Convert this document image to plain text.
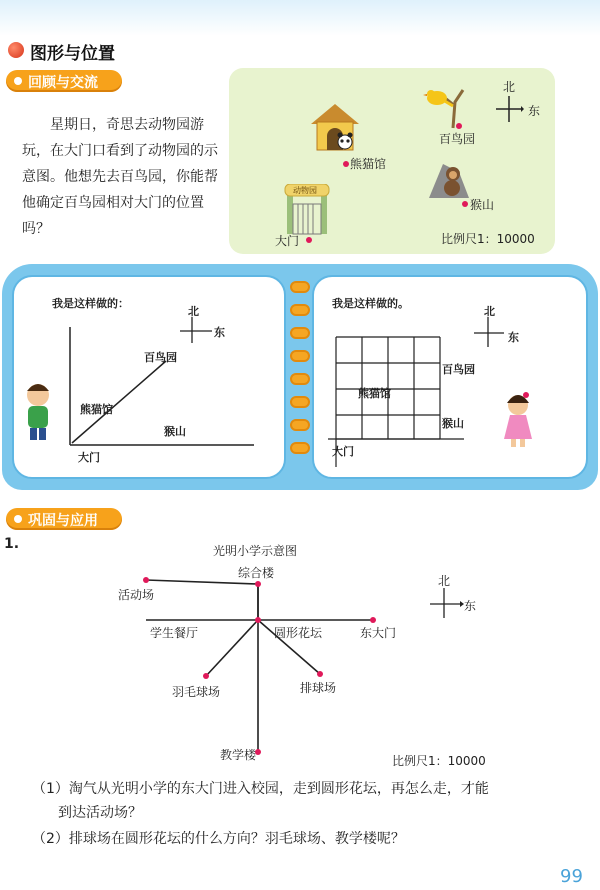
图形与位置
回顾与交流
星期日，奇思去动物园游玩，在大门口看到了动物园的示意图。他想先去百鸟园，你能帮他确定百鸟园相对大门的位置吗？
北
东
熊猫馆
百鸟园
猴山
动物园
大门	比例尺1：10000
我是这样做的：
北
东
百鸟园
熊猫馆
猴山
大门
我是这样做的。
北
东
百鸟园
熊猫馆
猴山
大门
巩固与应用
1.	光明小学示意图
综合楼
活动场
学生餐厅	圆形花坛	东大门
羽毛球场	排球场
教学楼
北
东
比例尺1：10000
（1）淘气从光明小学的东大门进入校园，走到圆形花坛，再怎么走，才能
到达活动场？
（2）排球场在圆形花坛的什么方向？羽毛球场、教学楼呢？
99
